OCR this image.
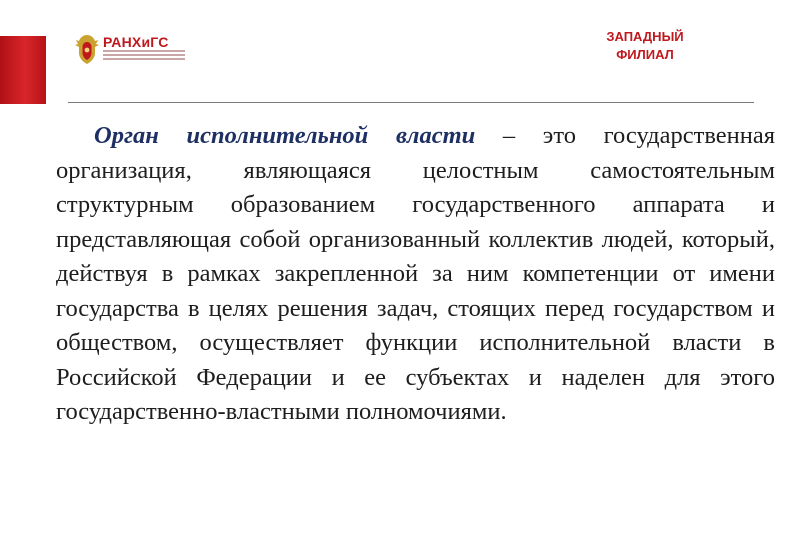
РАНХиГС	ЗАПАДНЫЙ
ФИЛИАЛ
Орган исполнительной власти – это государственная организация, являющаяся целостным самостоятельным структурным образованием государственного аппарата и представляющая собой организованный коллектив людей, который, действуя в рамках закрепленной за ним компетенции от имени государства в целях решения задач, стоящих перед государством и обществом, осуществляет функции исполнительной власти в Российской Федерации и ее субъектах и наделен для этого государственно-властными полномочиями.
